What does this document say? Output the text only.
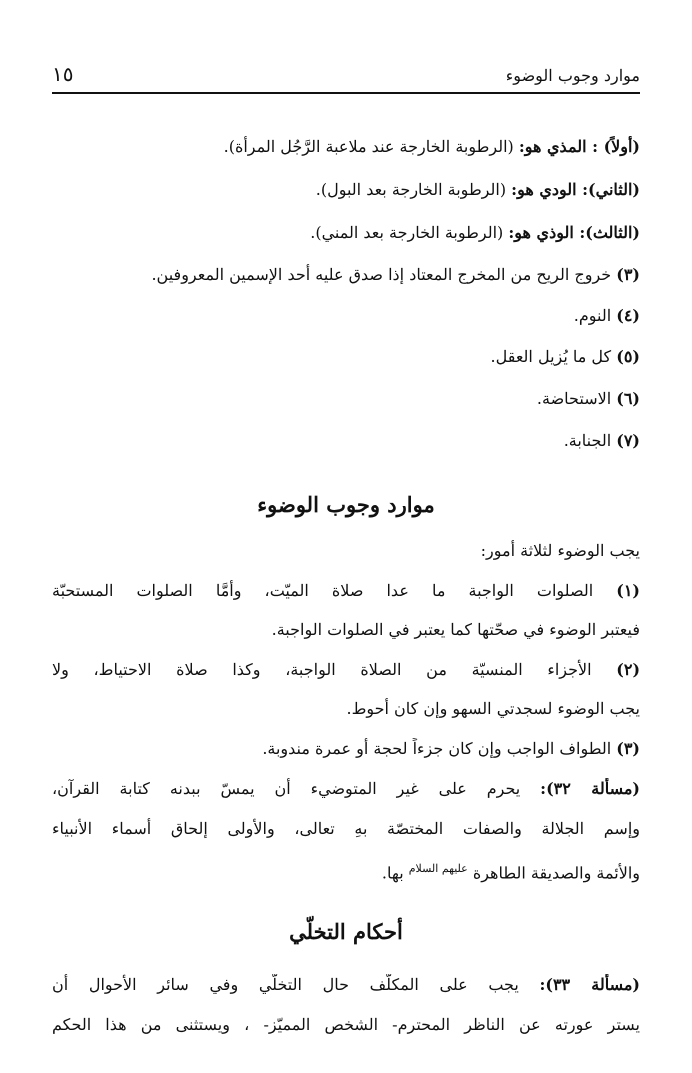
١٥	موارد وجوب الوضوء
(أولاً) : المذي هو: (الرطوبة الخارجة عند ملاعبة الرَّجُل المرأة).
(الثاني): الودي هو: (الرطوبة الخارجة بعد البول).
(الثالث): الوذي هو: (الرطوبة الخارجة بعد المني).
(٣) خروج الريح من المخرج المعتاد إذا صدق عليه أحد الإسمين المعروفين.
(٤) النوم.
(٥) كل ما يُزيل العقل.
(٦) الاستحاضة.
(٧) الجنابة.
موارد وجوب الوضوء
يجب الوضوء لثلاثة أمور:
(١) الصلوات الواجبة ما عدا صلاة الميّت، وأمَّا الصلوات المستحبّة
فيعتبر الوضوء في صحّتها كما يعتبر في الصلوات الواجبة.
(٢) الأجزاء المنسيّة من الصلاة الواجبة، وكذا صلاة الاحتياط، ولا
يجب الوضوء لسجدتي السهو وإن كان أحوط.
(٣) الطواف الواجب وإن كان جزءاً لحجة أو عمرة مندوبة.
(مسألة ٣٢): يحرم على غير المتوضيء أن يمسّ ببدنه كتابة القرآن،
وإسم الجلالة والصفات المختصّة بهِ تعالى، والأولى إلحاق أسماء الأنبياء
والأئمة والصديقة الطاهرة $^{عليهم السلام}$ بها.
أحكام التخلّي
(مسألة ٣٣): يجب على المكلّف حال التخلّي وفي سائر الأحوال أن
يستر عورته عن الناظر المحترم- الشخص المميّز- ، ويستثنى من هذا الحكم
